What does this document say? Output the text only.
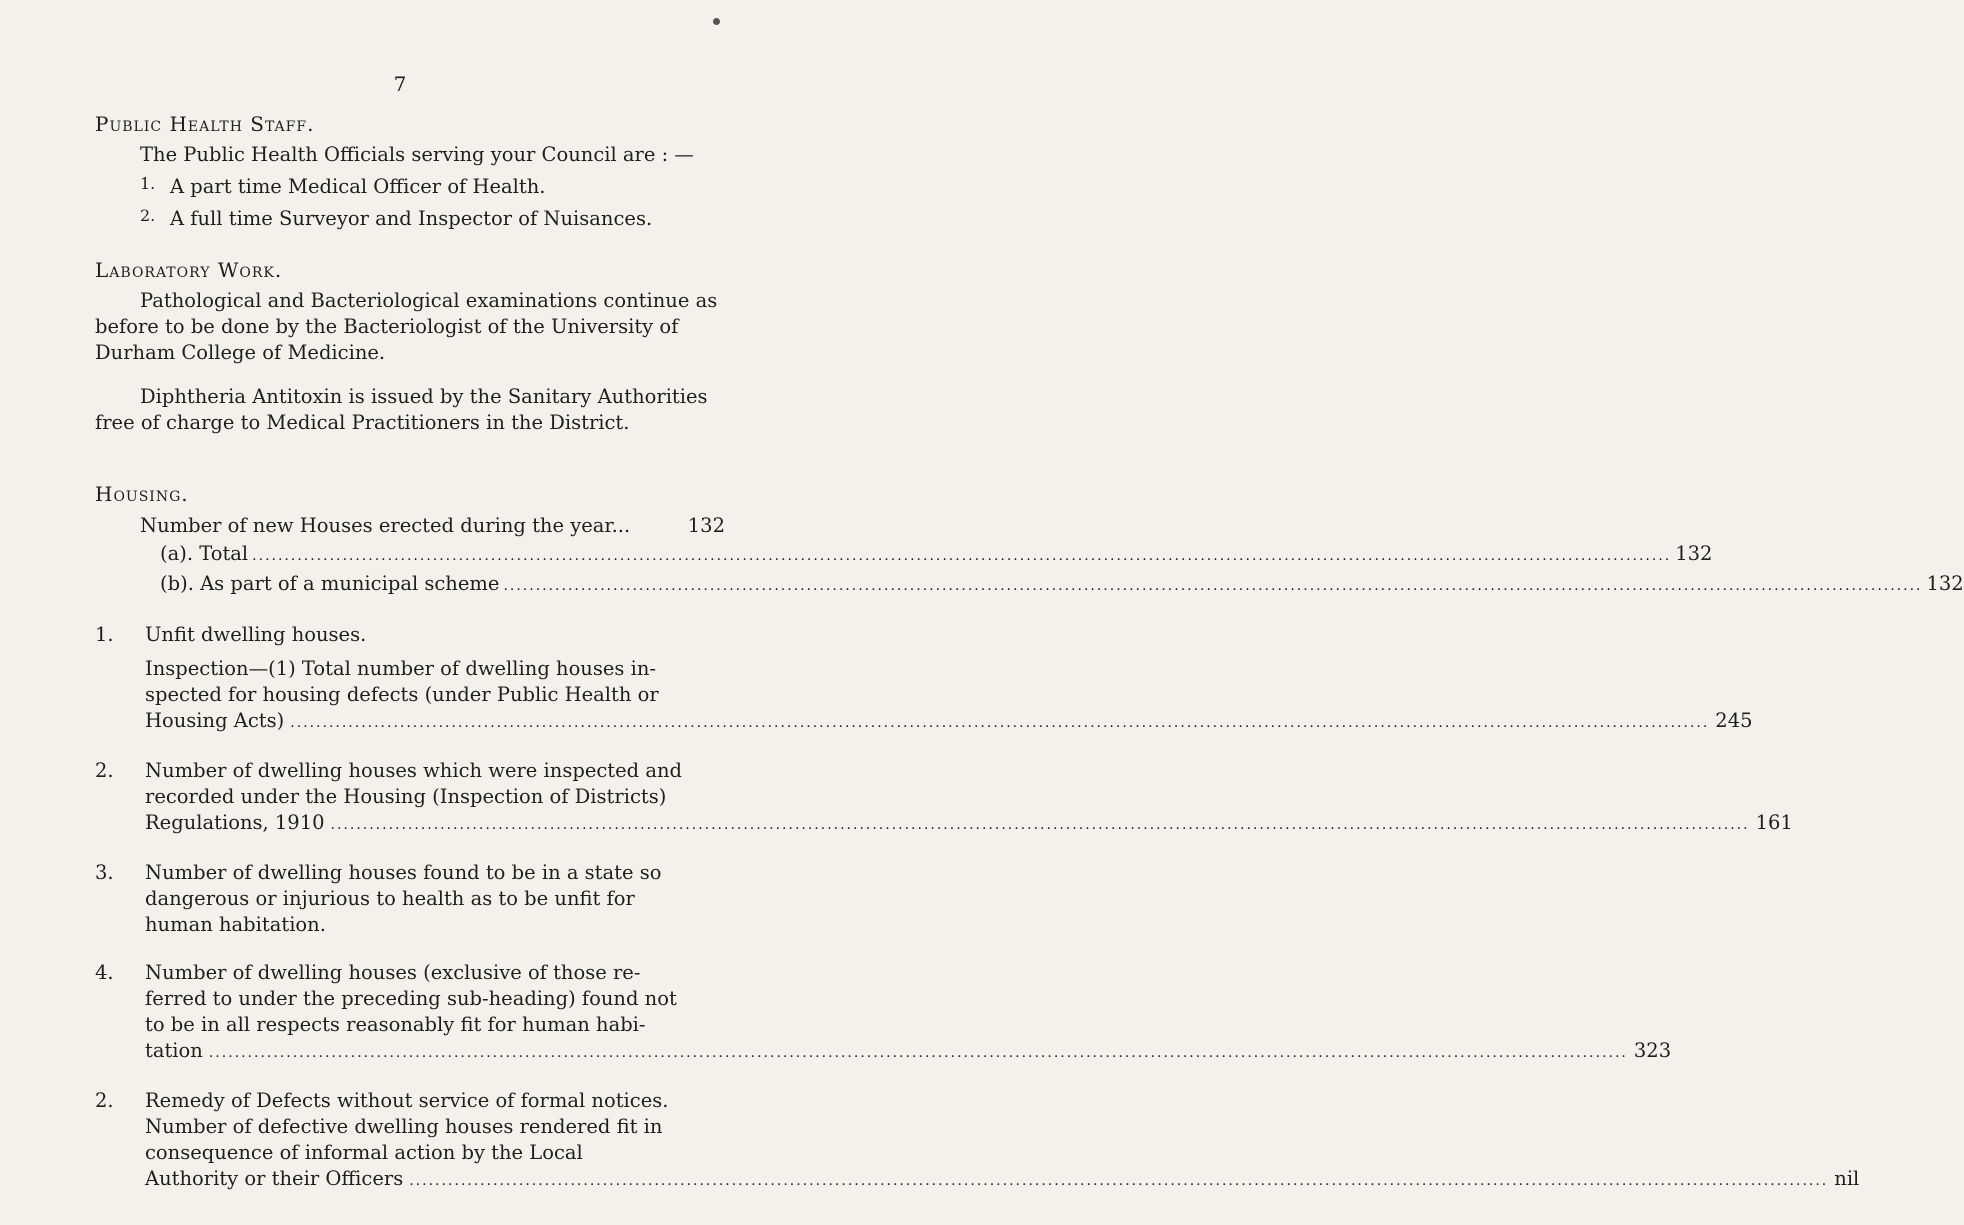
7
Public Health Staff.

The Public Health Officials serving your Council are : —

1. A part time Medical Officer of Health.

2. A full time Surveyor and Inspector of Nuisances.

Laboratory Work.

Pathological and Bacteriological examinations continue as before to be done by the Bacteriologist of the University of Durham College of Medicine.

Diphtheria Antitoxin is issued by the Sanitary Authorities free of charge to Medical Practitioners in the District.

Housing.
Number of new Houses erected during the year...	132
(a). Total .....	132
(b). As part of a municipal scheme .....	132
1.	Unfit dwelling houses.
Inspection—(1) Total number of dwelling houses in-
spected for housing defects (under Public Health or
Housing Acts) .....	245
2.	Number of dwelling houses which were inspected and
recorded under the Housing (Inspection of Districts)
Regulations, 1910 .....	161
3.	Number of dwelling houses found to be in a state so
dangerous or injurious to health as to be unfit for
human habitation.
4.	Number of dwelling houses (exclusive of those re-
ferred to under the preceding sub-heading) found not
to be in all respects reasonably fit for human habi-
tation .....	323
2.	Remedy of Defects without service of formal notices.
Number of defective dwelling houses rendered fit in
consequence of informal action by the Local
Authority or their Officers .....	nil
